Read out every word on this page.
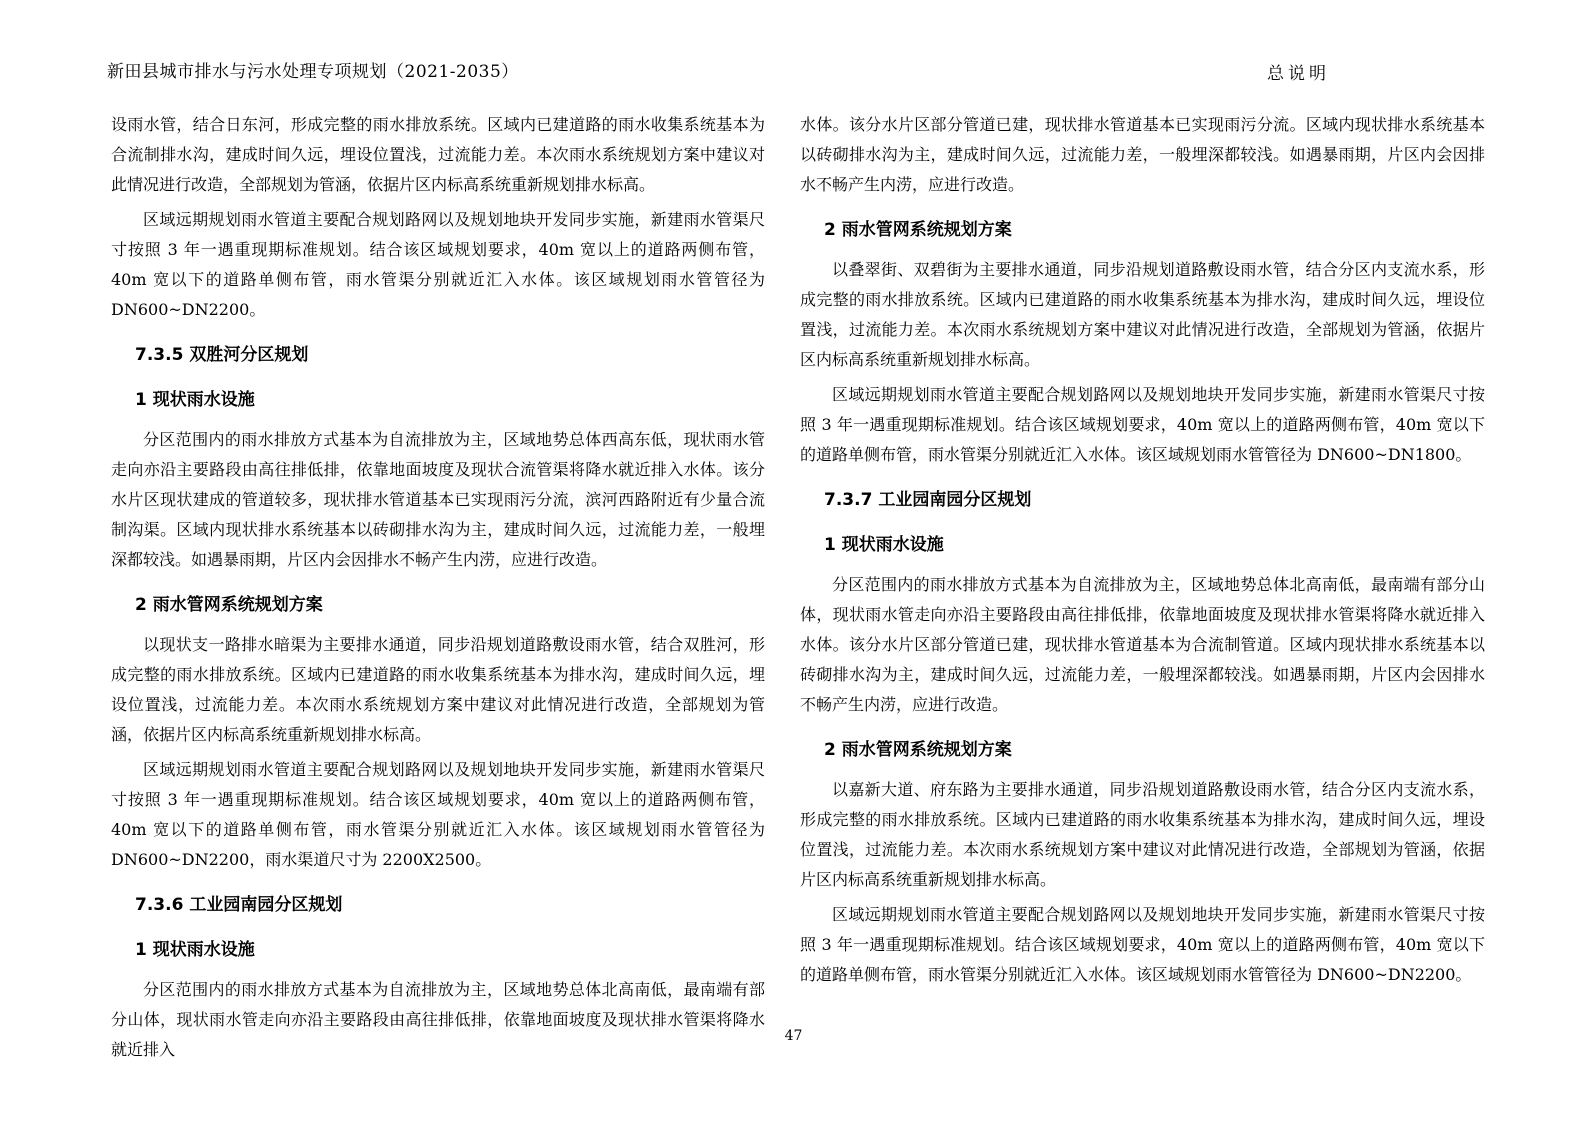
新田县城市排水与污水处理专项规划（2021-2035）	总说明

设雨水管，结合日东河，形成完整的雨水排放系统。区域内已建道路的雨水收集系统基本为合流制排水沟，建成时间久远，埋设位置浅，过流能力差。本次雨水系统规划方案中建议对此情况进行改造，全部规划为管涵，依据片区内标高系统重新规划排水标高。

区域远期规划雨水管道主要配合规划路网以及规划地块开发同步实施，新建雨水管渠尺寸按照 3 年一遇重现期标准规划。结合该区域规划要求，40m 宽以上的道路两侧布管，40m 宽以下的道路单侧布管，雨水管渠分别就近汇入水体。该区域规划雨水管管径为 DN600~DN2200。

7.3.5 双胜河分区规划
1 现状雨水设施

分区范围内的雨水排放方式基本为自流排放为主，区域地势总体西高东低，现状雨水管走向亦沿主要路段由高往排低排，依靠地面坡度及现状合流管渠将降水就近排入水体。该分水片区现状建成的管道较多，现状排水管道基本已实现雨污分流，滨河西路附近有少量合流制沟渠。区域内现状排水系统基本以砖砌排水沟为主，建成时间久远，过流能力差，一般埋深都较浅。如遇暴雨期，片区内会因排水不畅产生内涝，应进行改造。

2 雨水管网系统规划方案

以现状支一路排水暗渠为主要排水通道，同步沿规划道路敷设雨水管，结合双胜河，形成完整的雨水排放系统。区域内已建道路的雨水收集系统基本为排水沟，建成时间久远，埋设位置浅，过流能力差。本次雨水系统规划方案中建议对此情况进行改造，全部规划为管涵，依据片区内标高系统重新规划排水标高。

区域远期规划雨水管道主要配合规划路网以及规划地块开发同步实施，新建雨水管渠尺寸按照 3 年一遇重现期标准规划。结合该区域规划要求，40m 宽以上的道路两侧布管，40m 宽以下的道路单侧布管，雨水管渠分别就近汇入水体。该区域规划雨水管管径为 DN600~DN2200，雨水渠道尺寸为 2200X2500。

7.3.6 工业园南园分区规划
1 现状雨水设施

分区范围内的雨水排放方式基本为自流排放为主，区域地势总体北高南低，最南端有部分山体，现状雨水管走向亦沿主要路段由高往排低排，依靠地面坡度及现状排水管渠将降水就近排入

水体。该分水片区部分管道已建，现状排水管道基本已实现雨污分流。区域内现状排水系统基本以砖砌排水沟为主，建成时间久远，过流能力差，一般埋深都较浅。如遇暴雨期，片区内会因排水不畅产生内涝，应进行改造。

2 雨水管网系统规划方案

以叠翠街、双碧街为主要排水通道，同步沿规划道路敷设雨水管，结合分区内支流水系，形成完整的雨水排放系统。区域内已建道路的雨水收集系统基本为排水沟，建成时间久远，埋设位置浅，过流能力差。本次雨水系统规划方案中建议对此情况进行改造，全部规划为管涵，依据片区内标高系统重新规划排水标高。

区域远期规划雨水管道主要配合规划路网以及规划地块开发同步实施，新建雨水管渠尺寸按照 3 年一遇重现期标准规划。结合该区域规划要求，40m 宽以上的道路两侧布管，40m 宽以下的道路单侧布管，雨水管渠分别就近汇入水体。该区域规划雨水管管径为 DN600~DN1800。

7.3.7 工业园南园分区规划
1 现状雨水设施

分区范围内的雨水排放方式基本为自流排放为主，区域地势总体北高南低，最南端有部分山体，现状雨水管走向亦沿主要路段由高往排低排，依靠地面坡度及现状排水管渠将降水就近排入水体。该分水片区部分管道已建，现状排水管道基本为合流制管道。区域内现状排水系统基本以砖砌排水沟为主，建成时间久远，过流能力差，一般埋深都较浅。如遇暴雨期，片区内会因排水不畅产生内涝，应进行改造。

2 雨水管网系统规划方案

以嘉新大道、府东路为主要排水通道，同步沿规划道路敷设雨水管，结合分区内支流水系，形成完整的雨水排放系统。区域内已建道路的雨水收集系统基本为排水沟，建成时间久远，埋设位置浅，过流能力差。本次雨水系统规划方案中建议对此情况进行改造，全部规划为管涵，依据片区内标高系统重新规划排水标高。

区域远期规划雨水管道主要配合规划路网以及规划地块开发同步实施，新建雨水管渠尺寸按照 3 年一遇重现期标准规划。结合该区域规划要求，40m 宽以上的道路两侧布管，40m 宽以下的道路单侧布管，雨水管渠分别就近汇入水体。该区域规划雨水管管径为 DN600~DN2200。

47
